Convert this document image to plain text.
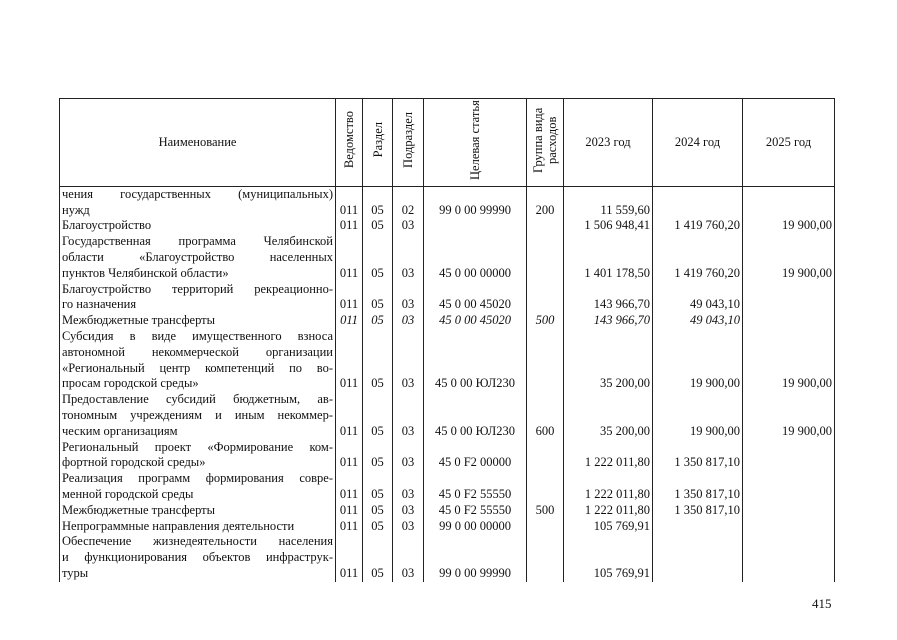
Наименование	Ведомство	Раздел	Подраздел	Целевая статья	Группа вида расходов	2023 год	2024 год	2025 год

чения государственных (муниципальных)
нужд	011	05	02	99 0 00 99990	200	11 559,60		

Благоустройство	011	05	03			1 506 948,41	1 419 760,20	19 900,00

Государственная программа Челябинской
области «Благоустройство населенных
пунктов Челябинской области»	011	05	03	45 0 00 00000		1 401 178,50	1 419 760,20	19 900,00

Благоустройство территорий рекреационно-
го назначения	011	05	03	45 0 00 45020		143 966,70	49 043,10	

Межбюджетные трансферты	011	05	03	45 0 00 45020	500	143 966,70	49 043,10	

Субсидия в виде имущественного взноса
автономной некоммерческой организации
«Региональный центр компетенций по во-
просам городской среды»	011	05	03	45 0 00 ЮЛ230		35 200,00	19 900,00	19 900,00

Предоставление субсидий бюджетным, ав-
тономным учреждениям и иным некоммер-
ческим организациям	011	05	03	45 0 00 ЮЛ230	600	35 200,00	19 900,00	19 900,00

Региональный проект «Формирование ком-
фортной городской среды»	011	05	03	45 0 F2 00000		1 222 011,80	1 350 817,10	

Реализация программ формирования совре-
менной городской среды	011	05	03	45 0 F2 55550		1 222 011,80	1 350 817,10	

Межбюджетные трансферты	011	05	03	45 0 F2 55550	500	1 222 011,80	1 350 817,10	

Непрограммные направления деятельности	011	05	03	99 0 00 00000		105 769,91		

Обеспечение жизнедеятельности населения
и функционирования объектов инфраструк-
туры	011	05	03	99 0 00 99990		105 769,91		
415
